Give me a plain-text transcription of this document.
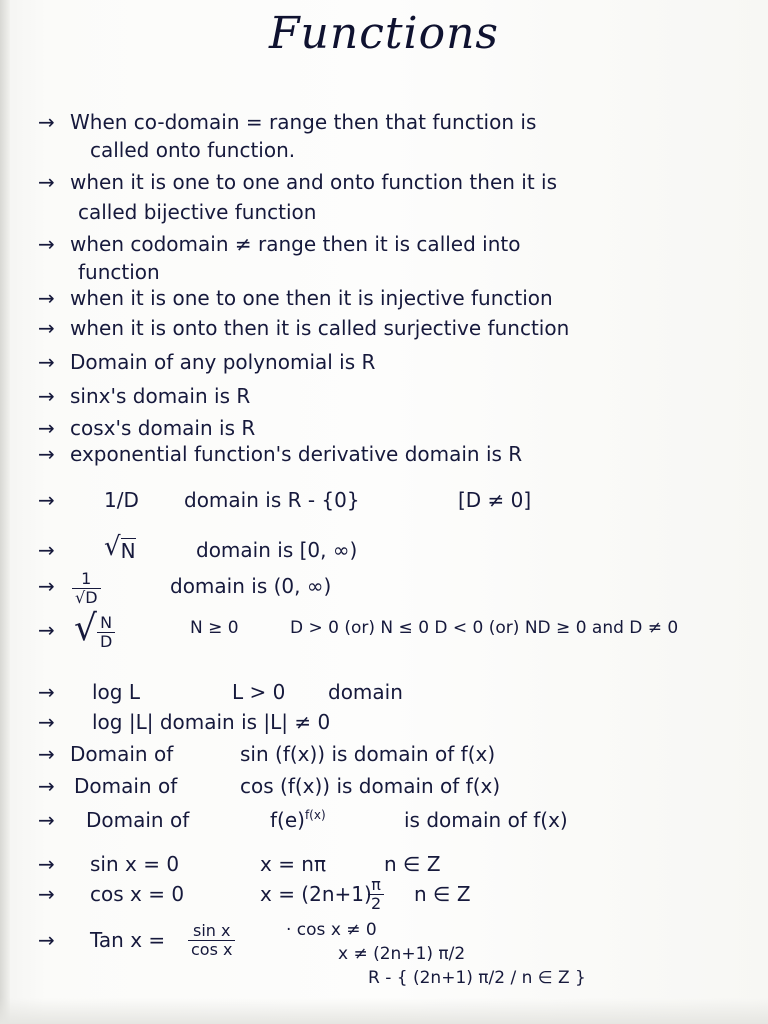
Functions
→ When co-domain = range then that function is
called onto function.
→ when it is one to one and onto function then it is
called bijective function
→ when codomain ≠ range then it is called into
function
→ when it is one to one then it is injective function
→ when it is onto then it is called surjective function
→ Domain of any polynomial is R
→ sinx's domain is R
→ cosx's domain is R
→ exponential function's derivative domain is R
→	1/D domain is R - {0}	[D ≠ 0]
→	√N	domain is [0, ∞)
→	$\frac{1}{√D}$	domain is (0, ∞)
→ √ $\frac{N}{D}$	N ≥ 0	D > 0 (or) N ≤ 0 D < 0 (or) ND ≥ 0 and D ≠ 0
→	log L	L > 0 domain
→	log |L| domain is |L| ≠ 0
→ Domain of	sin (f(x)) is domain of f(x)
→ Domain of	cos (f(x)) is domain of f(x)
→	Domain of	$f(e)^{f(x)}$	is domain of f(x)
→	sin x = 0	x = nπ	n ∈ Z
→	cos x = 0	x = (2n+1)
$\frac{\pi}{2}$ n ∈ Z
→	Tan $x = \frac{\text{sin x}}{\text{cos x}}$	· cos x ≠ 0
x ≠ (2n+1) π/2
R - { (2n+1) π/2 / n ∈ Z }
